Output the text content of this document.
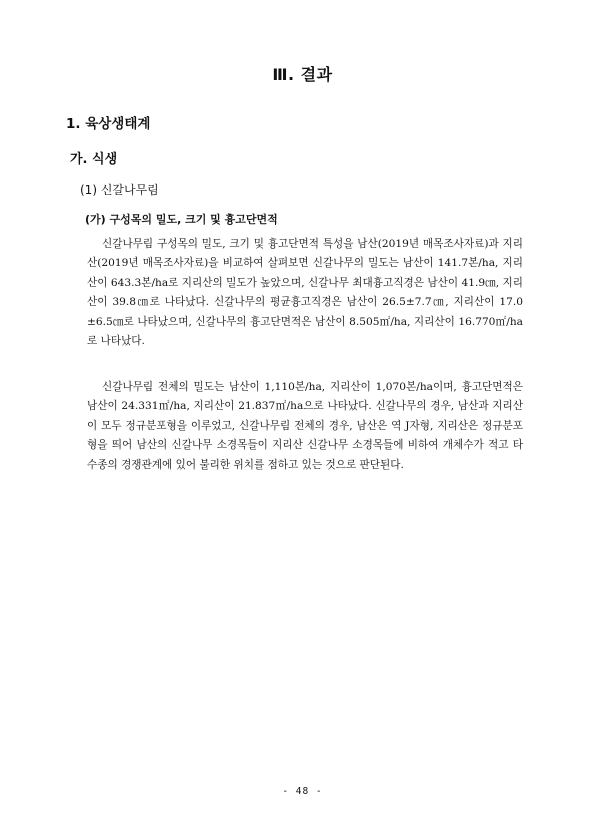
Ⅲ. 결과
1. 육상생태계
가. 식생
(1) 신갈나무림
(가) 구성목의 밀도, 크기 및 흉고단면적

신갈나무림 구성목의 밀도, 크기 및 흉고단면적 특성을 남산(2019년 매목조사자료)과 지리산(2019년 매목조사자료)을 비교하여 살펴보면 신갈나무의 밀도는 남산이 141.7본/ha, 지리산이 643.3본/ha로 지리산의 밀도가 높았으며, 신갈나무 최대흉고직경은 남산이 41.9㎝, 지리산이 39.8㎝로 나타났다. 신갈나무의 평균흉고직경은 남산이 26.5±7.7㎝, 지리산이 17.0±6.5㎝로 나타났으며, 신갈나무의 흉고단면적은 남산이 8.505㎡/ha, 지리산이 16.770㎡/ha로 나타났다.

신갈나무림 전체의 밀도는 남산이 1,110본/ha, 지리산이 1,070본/ha이며, 흉고단면적은 남산이 24.331㎡/ha, 지리산이 21.837㎡/ha으로 나타났다. 신갈나무의 경우, 남산과 지리산이 모두 정규분포형을 이루었고, 신갈나무림 전체의 경우, 남산은 역 J자형, 지리산은 정규분포형을 띄어 남산의 신갈나무 소경목들이 지리산 신갈나무 소경목들에 비하여 개체수가 적고 타 수종의 경쟁관계에 있어 불리한 위치를 점하고 있는 것으로 판단된다.

- 48 -
